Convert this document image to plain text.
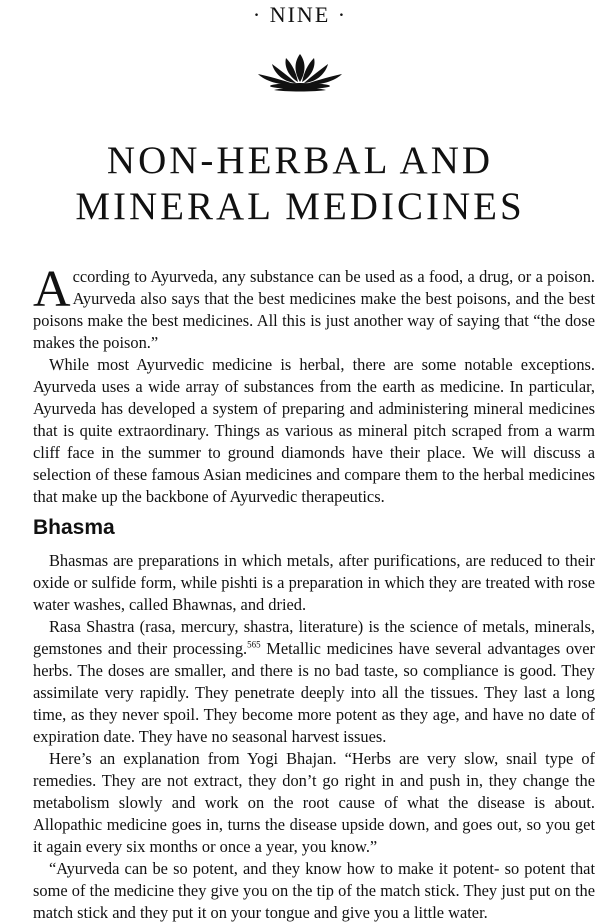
· NINE ·
NON-HERBAL AND
MINERAL MEDICINES

According to Ayurveda, any substance can be used as a food, a drug, or a poison. Ayurveda also says that the best medicines make the best poisons, and the best poisons make the best medicines. All this is just another way of saying that “the dose makes the poison.”

While most Ayurvedic medicine is herbal, there are some notable exceptions. Ayurveda uses a wide array of substances from the earth as medicine. In particular, Ayurveda has developed a system of preparing and administering mineral medicines that is quite extraordinary. Things as various as mineral pitch scraped from a warm cliff face in the summer to ground diamonds have their place. We will discuss a selection of these famous Asian medicines and compare them to the herbal medicines that make up the backbone of Ayurvedic therapeutics.

Bhasma

Bhasmas are preparations in which metals, after purifications, are reduced to their oxide or sulfide form, while pishti is a preparation in which they are treated with rose water washes, called Bhawnas, and dried.

Rasa Shastra (rasa, mercury, shastra, literature) is the science of metals, minerals, gemstones and their processing.$^{565}$ Metallic medicines have several advantages over herbs. The doses are smaller, and there is no bad taste, so compliance is good. They assimilate very rapidly. They penetrate deeply into all the tissues. They last a long time, as they never spoil. They become more potent as they age, and have no date of expiration date. They have no seasonal harvest issues.

Here’s an explanation from Yogi Bhajan. “Herbs are very slow, snail type of remedies. They are not extract, they don’t go right in and push in, they change the metabolism slowly and work on the root cause of what the disease is about. Allopathic medicine goes in, turns the disease upside down, and goes out, so you get it again every six months or once a year, you know.”

“Ayurveda can be so potent, and they know how to make it potent- so potent that some of the medicine they give you on the tip of the match stick. They just put on the match stick and they put it on your tongue and give you a little water.
